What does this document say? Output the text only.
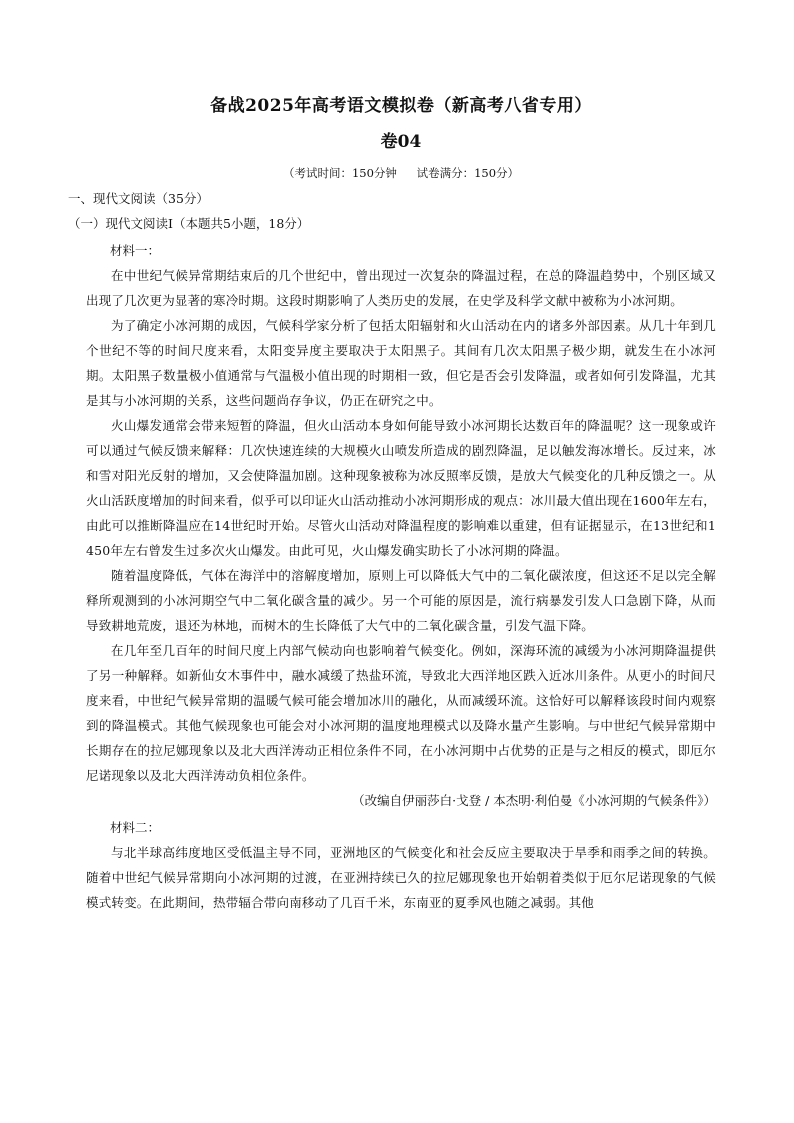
备战2025年高考语文模拟卷（新高考八省专用）
卷04
（考试时间：150分钟 试卷满分：150分）
一、现代文阅读（35分）
（一）现代文阅读Ⅰ（本题共5小题，18分）
材料一：

在中世纪气候异常期结束后的几个世纪中，曾出现过一次复杂的降温过程，在总的降温趋势中，个别区域又出现了几次更为显著的寒冷时期。这段时期影响了人类历史的发展，在史学及科学文献中被称为小冰河期。

为了确定小冰河期的成因，气候科学家分析了包括太阳辐射和火山活动在内的诸多外部因素。从几十年到几个世纪不等的时间尺度来看，太阳变异度主要取决于太阳黑子。其间有几次太阳黑子极少期，就发生在小冰河期。太阳黑子数量极小值通常与气温极小值出现的时期相一致，但它是否会引发降温，或者如何引发降温，尤其是其与小冰河期的关系，这些问题尚存争议，仍正在研究之中。

火山爆发通常会带来短暂的降温，但火山活动本身如何能导致小冰河期长达数百年的降温呢？这一现象或许可以通过气候反馈来解释：几次快速连续的大规模火山喷发所造成的剧烈降温，足以触发海冰增长。反过来，冰和雪对阳光反射的增加，又会使降温加剧。这种现象被称为冰反照率反馈，是放大气候变化的几种反馈之一。从火山活跃度增加的时间来看，似乎可以印证火山活动推动小冰河期形成的观点：冰川最大值出现在1600年左右，由此可以推断降温应在14世纪时开始。尽管火山活动对降温程度的影响难以重建，但有证据显示，在13世纪和1450年左右曾发生过多次火山爆发。由此可见，火山爆发确实助长了小冰河期的降温。

随着温度降低，气体在海洋中的溶解度增加，原则上可以降低大气中的二氧化碳浓度，但这还不足以完全解释所观测到的小冰河期空气中二氧化碳含量的减少。另一个可能的原因是，流行病暴发引发人口急剧下降，从而导致耕地荒废，退还为林地，而树木的生长降低了大气中的二氧化碳含量，引发气温下降。

在几年至几百年的时间尺度上内部气候动向也影响着气候变化。例如，深海环流的减缓为小冰河期降温提供了另一种解释。如新仙女木事件中，融水减缓了热盐环流，导致北大西洋地区跌入近冰川条件。从更小的时间尺度来看，中世纪气候异常期的温暖气候可能会增加冰川的融化，从而减缓环流。这恰好可以解释该段时间内观察到的降温模式。其他气候现象也可能会对小冰河期的温度地理模式以及降水量产生影响。与中世纪气候异常期中长期存在的拉尼娜现象以及北大西洋涛动正相位条件不同，在小冰河期中占优势的正是与之相反的模式，即厄尔尼诺现象以及北大西洋涛动负相位条件。

（改编自伊丽莎白·戈登 / 本杰明·利伯曼《小冰河期的气候条件》）
材料二：

与北半球高纬度地区受低温主导不同，亚洲地区的气候变化和社会反应主要取决于旱季和雨季之间的转换。随着中世纪气候异常期向小冰河期的过渡，在亚洲持续已久的拉尼娜现象也开始朝着类似于厄尔尼诺现象的气候模式转变。在此期间，热带辐合带向南移动了几百千米，东南亚的夏季风也随之减弱。其他
